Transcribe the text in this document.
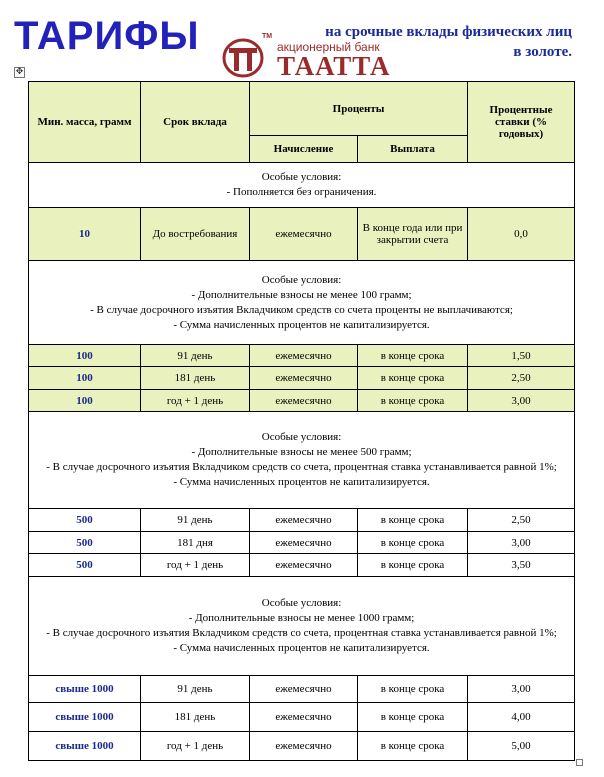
ТАРИФЫ	TM
акционерный банк
ТААТТА
на срочные вклады физических лиц
в золоте.
✥
Мин. масса, грамм	Срок вклада	Проценты		Процентные ставки (% годовых)
		Начисление	Выплата	

Особые условия:
- Пополняется без ограничения.				

10	До востребования	ежемесячно	В конце года или при закрытии счета	0,0

Особые условия:
- Дополнительные взносы не менее 100 грамм;
- В случае досрочного изъятия Вкладчиком средств со счета проценты не выплачиваются;
- Сумма начисленных процентов не капитализируется.				

100	91 день	ежемесячно	в конце срока	1,50
100	181 день	ежемесячно	в конце срока	2,50
100	год + 1 день	ежемесячно	в конце срока	3,00

Особые условия:
- Дополнительные взносы не менее 500 грамм;
- В случае досрочного изъятия Вкладчиком средств со счета, процентная ставка устанавливается равной 1%;
- Сумма начисленных процентов не капитализируется.				

500	91 день	ежемесячно	в конце срока	2,50
500	181 дня	ежемесячно	в конце срока	3,00
500	год + 1 день	ежемесячно	в конце срока	3,50

Особые условия:
- Дополнительные взносы не менее 1000 грамм;
- В случае досрочного изъятия Вкладчиком средств со счета, процентная ставка устанавливается равной 1%;
- Сумма начисленных процентов не капитализируется.				

свыше 1000	91 день	ежемесячно	в конце срока	3,00
свыше 1000	181 день	ежемесячно	в конце срока	4,00
свыше 1000	год + 1 день	ежемесячно	в конце срока	5,00
